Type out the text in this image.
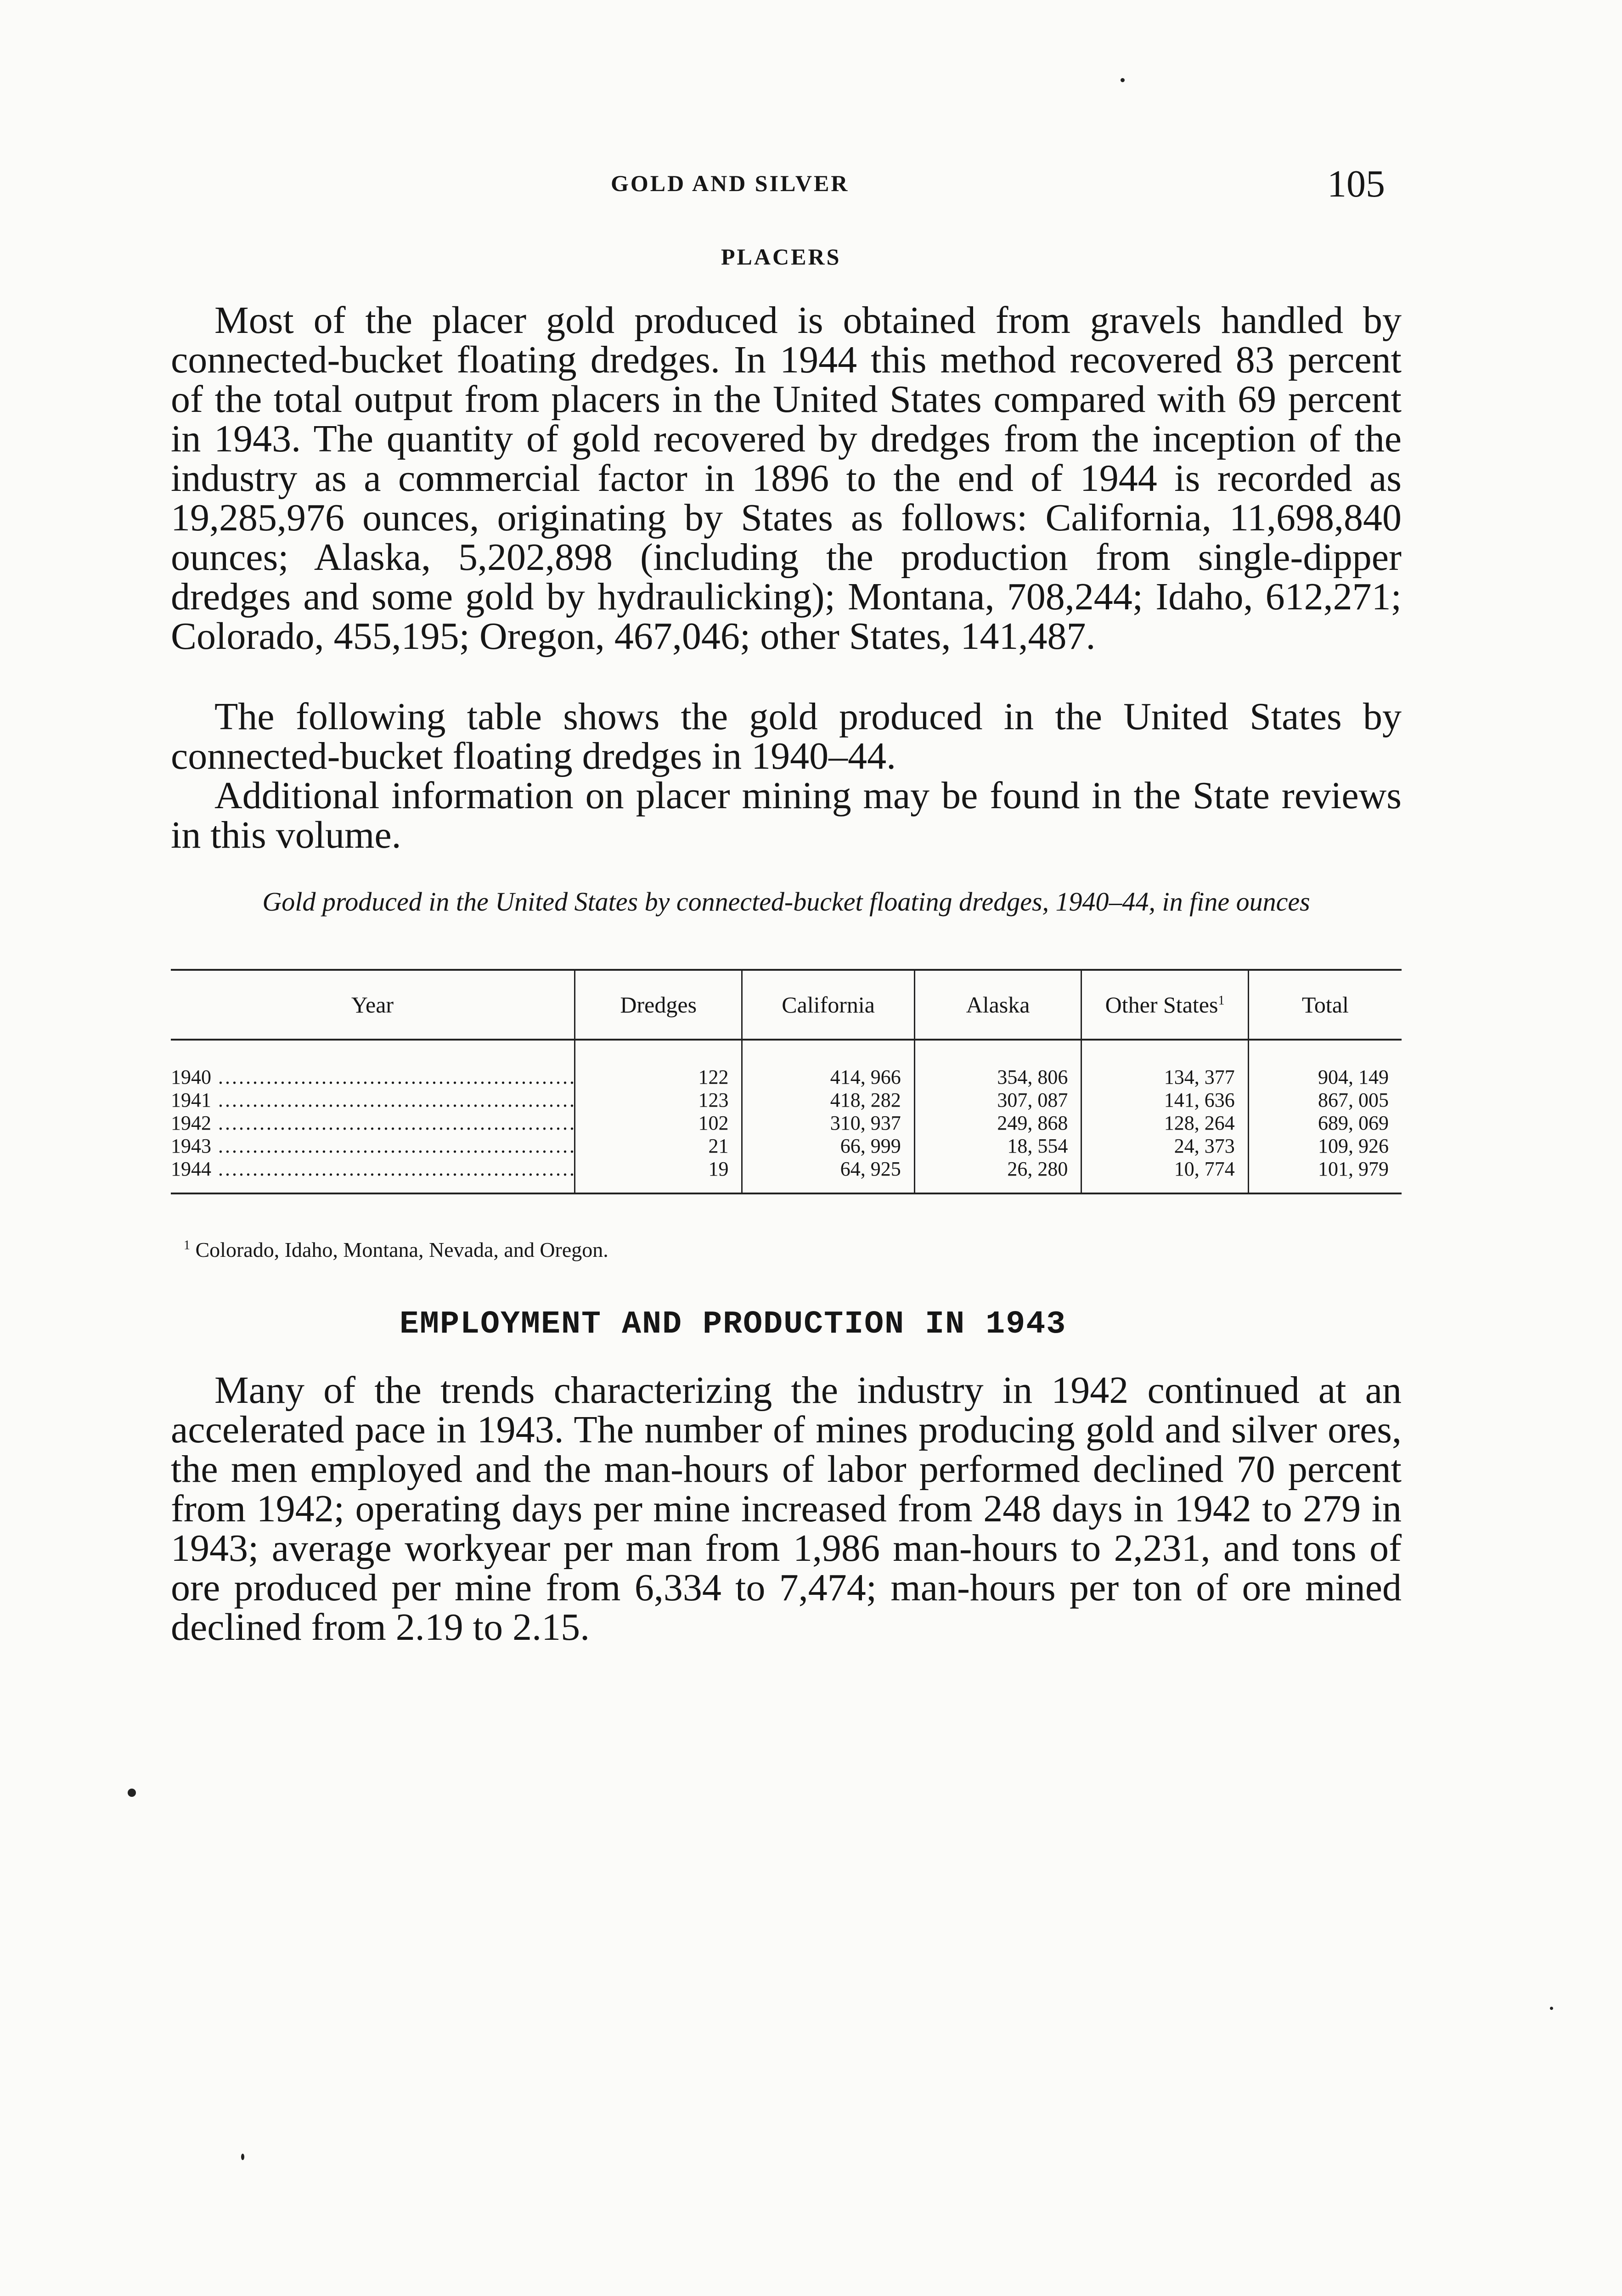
GOLD AND SILVER	105
PLACERS

Most of the placer gold produced is obtained from gravels handled by connected-bucket floating dredges. In 1944 this method recovered 83 percent of the total output from placers in the United States compared with 69 percent in 1943. The quantity of gold recovered by dredges from the inception of the industry as a commercial factor in 1896 to the end of 1944 is recorded as 19,285,976 ounces, originating by States as follows: California, 11,698,840 ounces; Alaska, 5,202,898 (including the production from single-dipper dredges and some gold by hydraulicking); Montana, 708,244; Idaho, 612,271; Colorado, 455,195; Oregon, 467,046; other States, 141,487.

The following table shows the gold produced in the United States by connected-bucket floating dredges in 1940–44.

Additional information on placer mining may be found in the State reviews in this volume.

Gold produced in the United States by connected-bucket floating dredges, 1940–44, in fine ounces
Year	Dredges	California	Alaska	Other States$^1$	Total
1940 .....	122	414, 966	354, 806	134, 377	904, 149
1941 .....	123	418, 282	307, 087	141, 636	867, 005
1942 .....	102	310, 937	249, 868	128, 264	689, 069
1943 .....	21	66, 999	18, 554	24, 373	109, 926
1944 .....	19	64, 925	26, 280	10, 774	101, 979
$^1$ Colorado, Idaho, Montana, Nevada, and Oregon.
EMPLOYMENT AND PRODUCTION IN 1943

Many of the trends characterizing the industry in 1942 continued at an accelerated pace in 1943. The number of mines producing gold and silver ores, the men employed and the man-hours of labor performed declined 70 percent from 1942; operating days per mine increased from 248 days in 1942 to 279 in 1943; average workyear per man from 1,986 man-hours to 2,231, and tons of ore produced per mine from 6,334 to 7,474; man-hours per ton of ore mined declined from 2.19 to 2.15.
